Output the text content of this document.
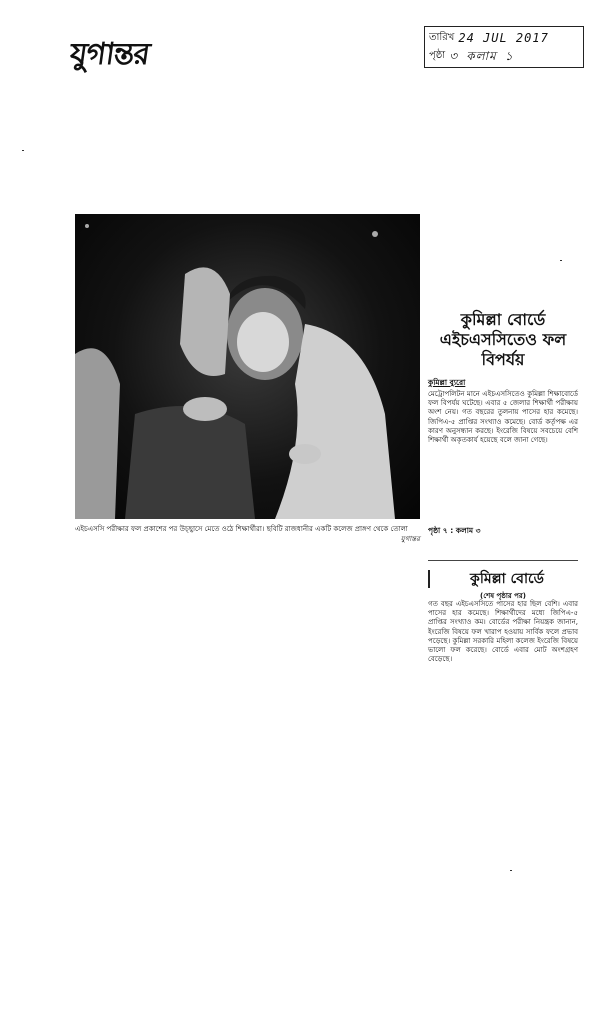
যুগান্তর	তারিখ 24 JUL 2017
পৃষ্ঠা ৩ কলাম ১
এইচএসসি পরীক্ষার ফল প্রকাশের পর উচ্ছ্বাসে মেতে ওঠে শিক্ষার্থীরা। ছবিটি রাজধানীর একটি কলেজ প্রাঙ্গণ থেকে তোলা
যুগান্তর
কুমিল্লা বোর্ডে এইচএসসিতেও ফল বিপর্যয়
কুমিল্লা ব্যুরো
মেট্রোপলিটন মানে এইচএসসিতেও কুমিল্লা শিক্ষাবোর্ডে ফল বিপর্যয় ঘটেছে। এবার ৫ জেলার শিক্ষার্থী পরীক্ষায় অংশ নেয়। গত বছরের তুলনায় পাসের হার কমেছে। জিপিএ-৫ প্রাপ্তির সংখ্যাও কমেছে। বোর্ড কর্তৃপক্ষ এর কারণ অনুসন্ধান করছে। ইংরেজি বিষয়ে সবচেয়ে বেশি শিক্ষার্থী অকৃতকার্য হয়েছে বলে জানা গেছে।
পৃষ্ঠা ৭ : কলাম ৩
কুমিল্লা বোর্ডে
(শেষ পৃষ্ঠার পর)
গত বছর এইচএসসিতে পাসের হার ছিল বেশি। এবার পাসের হার কমেছে। শিক্ষার্থীদের মধ্যে জিপিএ-৫ প্রাপ্তির সংখ্যাও কম। বোর্ডের পরীক্ষা নিয়ন্ত্রক জানান, ইংরেজি বিষয়ে ফল খারাপ হওয়ায় সার্বিক ফলে প্রভাব পড়েছে। কুমিল্লা সরকারি মহিলা কলেজ ইংরেজি বিষয়ে ভালো ফল করেছে। বোর্ডে এবার মোট অংশগ্রহণ বেড়েছে।
